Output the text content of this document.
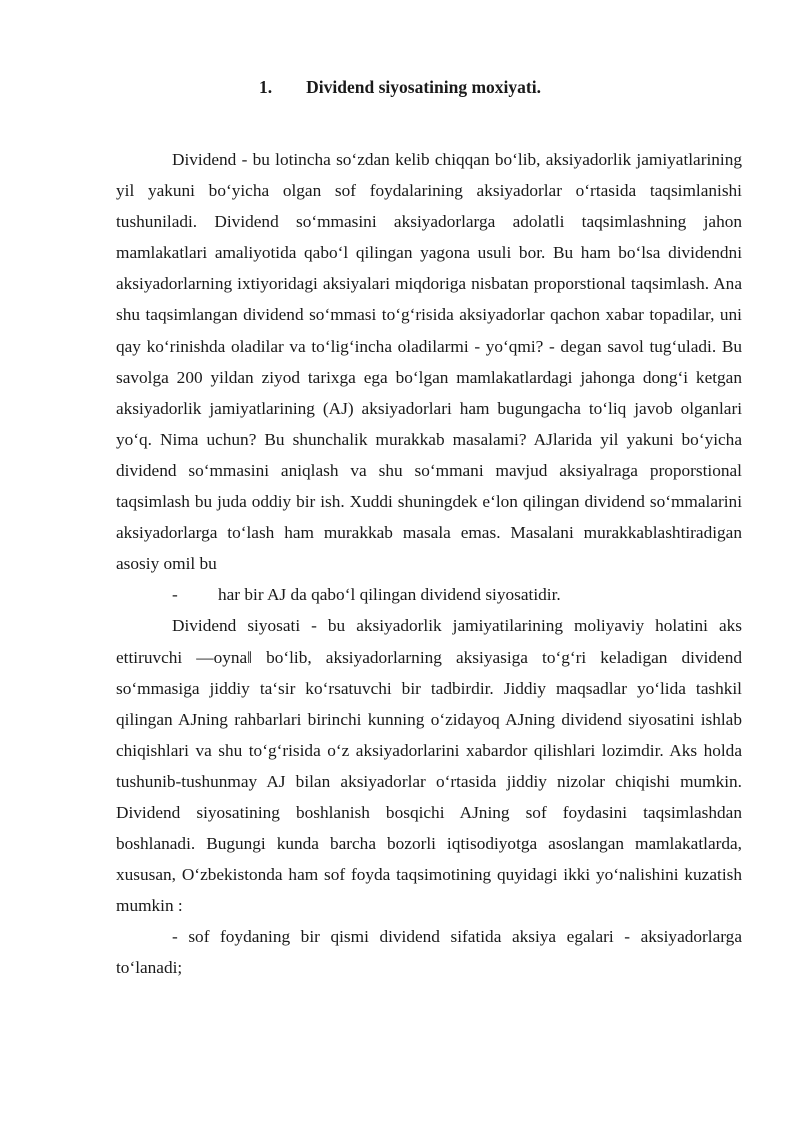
1. Dividend siyosatining moxiyati.

Dividend - bu lotincha so‘zdan kelib chiqqan bo‘lib, aksiyadorlik jamiyatlarining yil yakuni bo‘yicha olgan sof foydalarining aksiyadorlar o‘rtasida taqsimlanishi tushuniladi. Dividend so‘mmasini aksiyadorlarga adolatli taqsimlashning jahon mamlakatlari amaliyotida qabo‘l qilingan yagona usuli bor. Bu ham bo‘lsa dividendni aksiyadorlarning ixtiyoridagi aksiyalari miqdoriga nisbatan proporstional taqsimlash. Ana shu taqsimlangan dividend so‘mmasi to‘g‘risida aksiyadorlar qachon xabar topadilar, uni qay ko‘rinishda oladilar va to‘lig‘incha oladilarmi - yo‘qmi? - degan savol tug‘uladi. Bu savolga 200 yildan ziyod tarixga ega bo‘lgan mamlakatlardagi jahonga dong‘i ketgan aksiyadorlik jamiyatlarining (AJ) aksiyadorlari ham bugungacha to‘liq javob olganlari yo‘q. Nima uchun? Bu shunchalik murakkab masalami? AJlarida yil yakuni bo‘yicha dividend so‘mmasini aniqlash va shu so‘mmani mavjud aksiyalraga proporstional taqsimlash bu juda oddiy bir ish. Xuddi shuningdek e‘lon qilingan dividend so‘mmalarini aksiyadorlarga to‘lash ham murakkab masala emas. Masalani murakkablashtiradigan asosiy omil bu

- har bir AJ da qabo‘l qilingan dividend siyosatidir.

Dividend siyosati - bu aksiyadorlik jamiyatilarining moliyaviy holatini aks ettiruvchi ―oyna‖ bo‘lib, aksiyadorlarning aksiyasiga to‘g‘ri keladigan dividend so‘mmasiga jiddiy ta‘sir ko‘rsatuvchi bir tadbirdir. Jiddiy maqsadlar yo‘lida tashkil qilingan AJning rahbarlari birinchi kunning o‘zidayoq AJning dividend siyosatini ishlab chiqishlari va shu to‘g‘risida o‘z aksiyadorlarini xabardor qilishlari lozimdir. Aks holda tushunib-tushunmay AJ bilan aksiyadorlar o‘rtasida jiddiy nizolar chiqishi mumkin. Dividend siyosatining boshlanish bosqichi AJning sof foydasini taqsimlashdan boshlanadi. Bugungi kunda barcha bozorli iqtisodiyotga asoslangan mamlakatlarda, xususan, O‘zbekistonda ham sof foyda taqsimotining quyidagi ikki yo‘nalishini kuzatish mumkin :

- sof foydaning bir qismi dividend sifatida aksiya egalari - aksiyadorlarga to‘lanadi;
